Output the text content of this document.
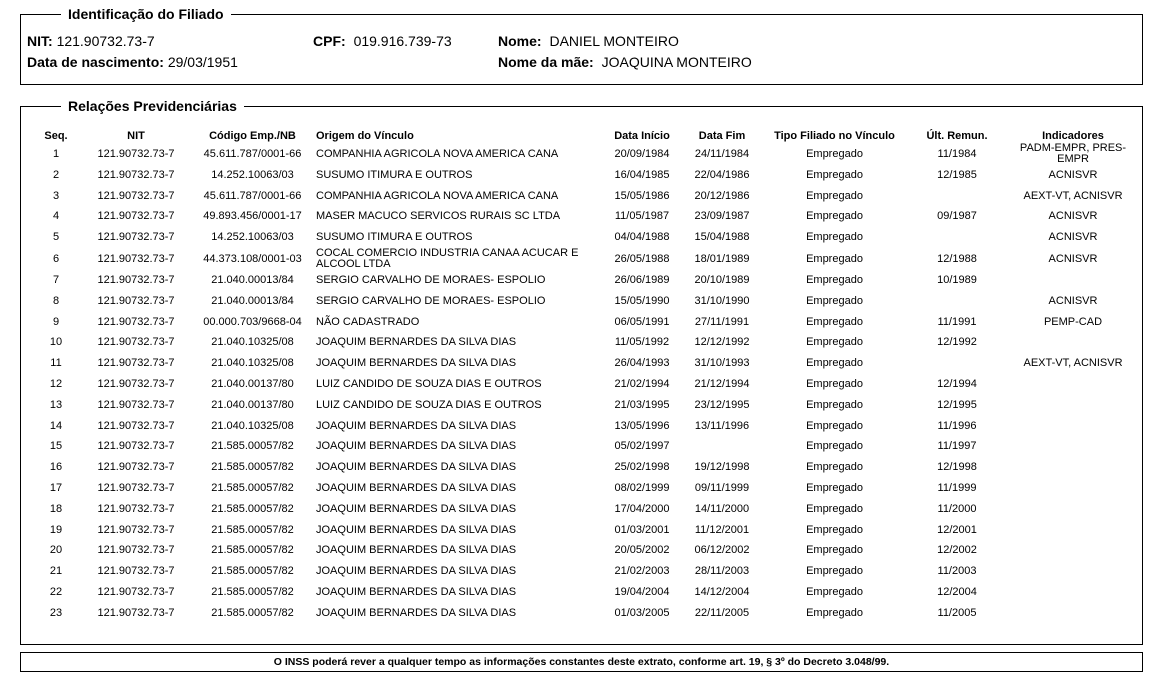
Identificação do Filiado
NIT: 121.90732.73-7	CPF: 019.916.739-73	Nome: DANIEL MONTEIRO
Data de nascimento: 29/03/1951	Nome da mãe: JOAQUINA MONTEIRO
Relações Previdenciárias
Seq.	NIT	Código Emp./NB	Origem do Vínculo	Data Início	Data Fim	Tipo Filiado no Vínculo	Últ. Remun.	Indicadores
1	121.90732.73-7	45.611.787/0001-66	COMPANHIA AGRICOLA NOVA AMERICA CANA	20/09/1984	24/11/1984	Empregado	11/1984	PADM-EMPR, PRES-EMPR
2	121.90732.73-7	14.252.10063/03	SUSUMO ITIMURA E OUTROS	16/04/1985	22/04/1986	Empregado	12/1985	ACNISVR
3	121.90732.73-7	45.611.787/0001-66	COMPANHIA AGRICOLA NOVA AMERICA CANA	15/05/1986	20/12/1986	Empregado		AEXT-VT, ACNISVR
4	121.90732.73-7	49.893.456/0001-17	MASER MACUCO SERVICOS RURAIS SC LTDA	11/05/1987	23/09/1987	Empregado	09/1987	ACNISVR
5	121.90732.73-7	14.252.10063/03	SUSUMO ITIMURA E OUTROS	04/04/1988	15/04/1988	Empregado		ACNISVR
6	121.90732.73-7	44.373.108/0001-03	COCAL COMERCIO INDUSTRIA CANAA ACUCAR E ALCOOL LTDA	26/05/1988	18/01/1989	Empregado	12/1988	ACNISVR
7	121.90732.73-7	21.040.00013/84	SERGIO CARVALHO DE MORAES- ESPOLIO	26/06/1989	20/10/1989	Empregado	10/1989	
8	121.90732.73-7	21.040.00013/84	SERGIO CARVALHO DE MORAES- ESPOLIO	15/05/1990	31/10/1990	Empregado		ACNISVR
9	121.90732.73-7	00.000.703/9668-04	NÃO CADASTRADO	06/05/1991	27/11/1991	Empregado	11/1991	PEMP-CAD
10	121.90732.73-7	21.040.10325/08	JOAQUIM BERNARDES DA SILVA DIAS	11/05/1992	12/12/1992	Empregado	12/1992	
11	121.90732.73-7	21.040.10325/08	JOAQUIM BERNARDES DA SILVA DIAS	26/04/1993	31/10/1993	Empregado		AEXT-VT, ACNISVR
12	121.90732.73-7	21.040.00137/80	LUIZ CANDIDO DE SOUZA DIAS E OUTROS	21/02/1994	21/12/1994	Empregado	12/1994	
13	121.90732.73-7	21.040.00137/80	LUIZ CANDIDO DE SOUZA DIAS E OUTROS	21/03/1995	23/12/1995	Empregado	12/1995	
14	121.90732.73-7	21.040.10325/08	JOAQUIM BERNARDES DA SILVA DIAS	13/05/1996	13/11/1996	Empregado	11/1996	
15	121.90732.73-7	21.585.00057/82	JOAQUIM BERNARDES DA SILVA DIAS	05/02/1997		Empregado	11/1997	
16	121.90732.73-7	21.585.00057/82	JOAQUIM BERNARDES DA SILVA DIAS	25/02/1998	19/12/1998	Empregado	12/1998	
17	121.90732.73-7	21.585.00057/82	JOAQUIM BERNARDES DA SILVA DIAS	08/02/1999	09/11/1999	Empregado	11/1999	
18	121.90732.73-7	21.585.00057/82	JOAQUIM BERNARDES DA SILVA DIAS	17/04/2000	14/11/2000	Empregado	11/2000	
19	121.90732.73-7	21.585.00057/82	JOAQUIM BERNARDES DA SILVA DIAS	01/03/2001	11/12/2001	Empregado	12/2001	
20	121.90732.73-7	21.585.00057/82	JOAQUIM BERNARDES DA SILVA DIAS	20/05/2002	06/12/2002	Empregado	12/2002	
21	121.90732.73-7	21.585.00057/82	JOAQUIM BERNARDES DA SILVA DIAS	21/02/2003	28/11/2003	Empregado	11/2003	
22	121.90732.73-7	21.585.00057/82	JOAQUIM BERNARDES DA SILVA DIAS	19/04/2004	14/12/2004	Empregado	12/2004	
23	121.90732.73-7	21.585.00057/82	JOAQUIM BERNARDES DA SILVA DIAS	01/03/2005	22/11/2005	Empregado	11/2005	
O INSS poderá rever a qualquer tempo as informações constantes deste extrato, conforme art. 19, § 3º do Decreto 3.048/99.
